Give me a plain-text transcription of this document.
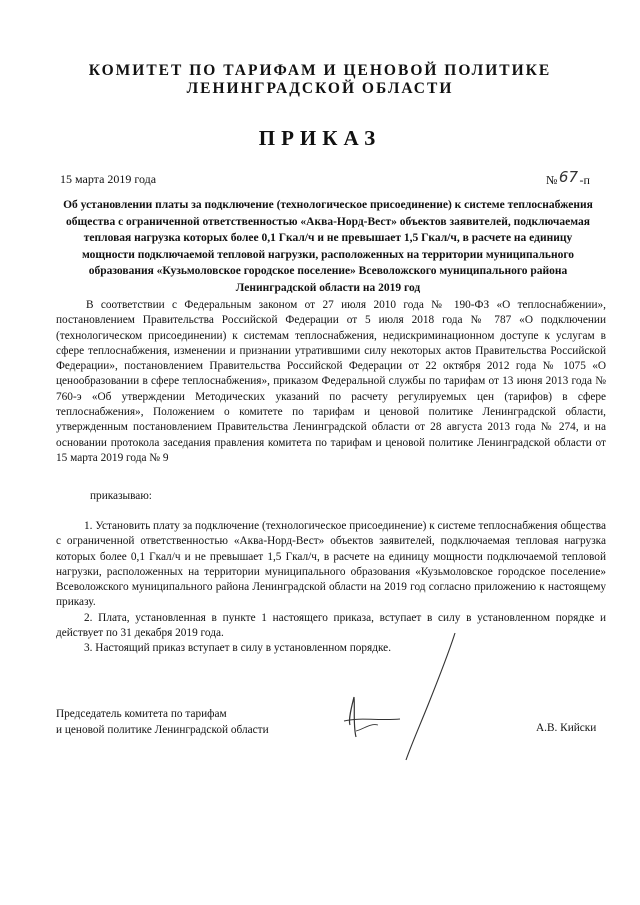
КОМИТЕТ ПО ТАРИФАМ И ЦЕНОВОЙ ПОЛИТИКЕ
ЛЕНИНГРАДСКОЙ ОБЛАСТИ
ПРИКАЗ
15 марта 2019 года	№67-п
Об установлении платы за подключение (технологическое присоединение) к системе теплоснабжения общества с ограниченной ответственностью «Аква-Норд-Вест» объектов заявителей, подключаемая тепловая нагрузка которых более 0,1 Гкал/ч и не превышает 1,5 Гкал/ч, в расчете на единицу мощности подключаемой тепловой нагрузки, расположенных на территории муниципального образования «Кузьмоловское городское поселение» Всеволожского муниципального района Ленинградской области на 2019 год
В соответствии с Федеральным законом от 27 июля 2010 года № 190-ФЗ «О теплоснабжении», постановлением Правительства Российской Федерации от 5 июля 2018 года № 787 «О подключении (технологическом присоединении) к системам теплоснабжения, недискриминационном доступе к услугам в сфере теплоснабжения, изменении и признании утратившими силу некоторых актов Правительства Российской Федерации», постановлением Правительства Российской Федерации от 22 октября 2012 года № 1075 «О ценообразовании в сфере теплоснабжения», приказом Федеральной службы по тарифам от 13 июня 2013 года № 760-э «Об утверждении Методических указаний по расчету регулируемых цен (тарифов) в сфере теплоснабжения», Положением о комитете по тарифам и ценовой политике Ленинградской области, утвержденным постановлением Правительства Ленинградской области от 28 августа 2013 года № 274, и на основании протокола заседания правления комитета по тарифам и ценовой политике Ленинградской области от 15 марта 2019 года № 9
приказываю:

1. Установить плату за подключение (технологическое присоединение) к системе теплоснабжения общества с ограниченной ответственностью «Аква-Норд-Вест» объектов заявителей, подключаемая тепловая нагрузка которых более 0,1 Гкал/ч и не превышает 1,5 Гкал/ч, в расчете на единицу мощности подключаемой тепловой нагрузки, расположенных на территории муниципального образования «Кузьмоловское городское поселение» Всеволожского муниципального района Ленинградской области на 2019 год согласно приложению к настоящему приказу.

2. Плата, установленная в пункте 1 настоящего приказа, вступает в силу в установленном порядке и действует по 31 декабря 2019 года.

3. Настоящий приказ вступает в силу в установленном порядке.

Председатель комитета по тарифам
и ценовой политике Ленинградской области	А.В. Кийски
